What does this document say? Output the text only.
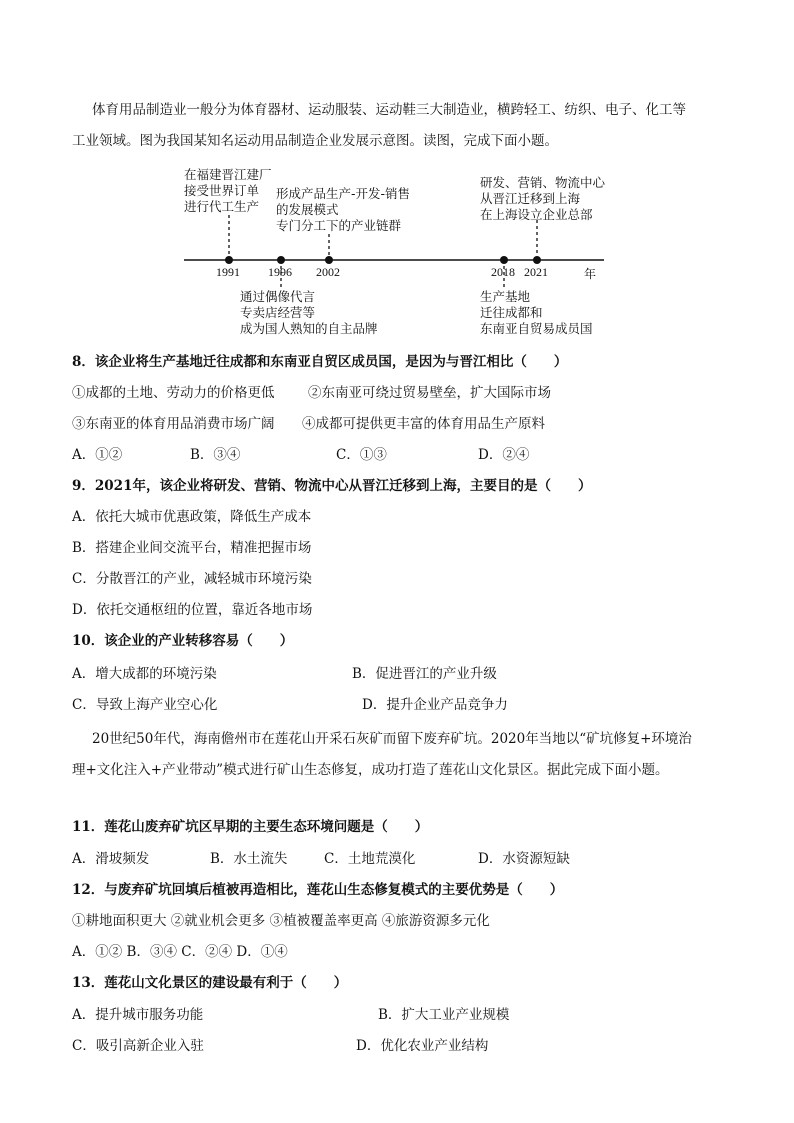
体育用品制造业一般分为体育器材、运动服装、运动鞋三大制造业，横跨轻工、纺织、电子、化工等
工业领域。图为我国某知名运动用品制造企业发展示意图。读图，完成下面小题。
1991 1996 2002	2018 2021	年
在福建晋江建厂
接受世界订单
进行代工生产
形成产品生产-开发-销售
的发展模式
专门分工下的产业链群
研发、营销、物流中心
从晋江迁移到上海
在上海设立企业总部
通过偶像代言
专卖店经营等
成为国人熟知的自主品牌
生产基地
迁往成都和
东南亚自贸易成员国
8．该企业将生产基地迁往成都和东南亚自贸区成员国，是因为与晋江相比（　　）
①成都的土地、劳动力的价格更低 ②东南亚可绕过贸易壁垒，扩大国际市场
③东南亚的体育用品消费市场广阔 ④成都可提供更丰富的体育用品生产原料
A．①②	B．③④	C．①③	D．②④
9．2021年，该企业将研发、营销、物流中心从晋江迁移到上海，主要目的是（　　）
A．依托大城市优惠政策，降低生产成本
B．搭建企业间交流平台，精准把握市场
C．分散晋江的产业，减轻城市环境污染
D．依托交通枢纽的位置，靠近各地市场
10．该企业的产业转移容易（　　）
A．增大成都的环境污染	B．促进晋江的产业升级
C．导致上海产业空心化	D．提升企业产品竞争力
20世纪50年代，海南儋州市在莲花山开采石灰矿而留下废弃矿坑。2020年当地以“矿坑修复+环境治
理+文化注入+产业带动”模式进行矿山生态修复，成功打造了莲花山文化景区。据此完成下面小题。
11．莲花山废弃矿坑区早期的主要生态环境问题是（　　）
A．滑坡频发	B．水土流失	C．土地荒漠化	D．水资源短缺
12．与废弃矿坑回填后植被再造相比，莲花山生态修复模式的主要优势是（　　）
①耕地面积更大 ②就业机会更多 ③植被覆盖率更高 ④旅游资源多元化
A．①② B．③④ C．②④ D．①④
13．莲花山文化景区的建设最有利于（　　）
A．提升城市服务功能	B．扩大工业产业规模
C．吸引高新企业入驻	D．优化农业产业结构
